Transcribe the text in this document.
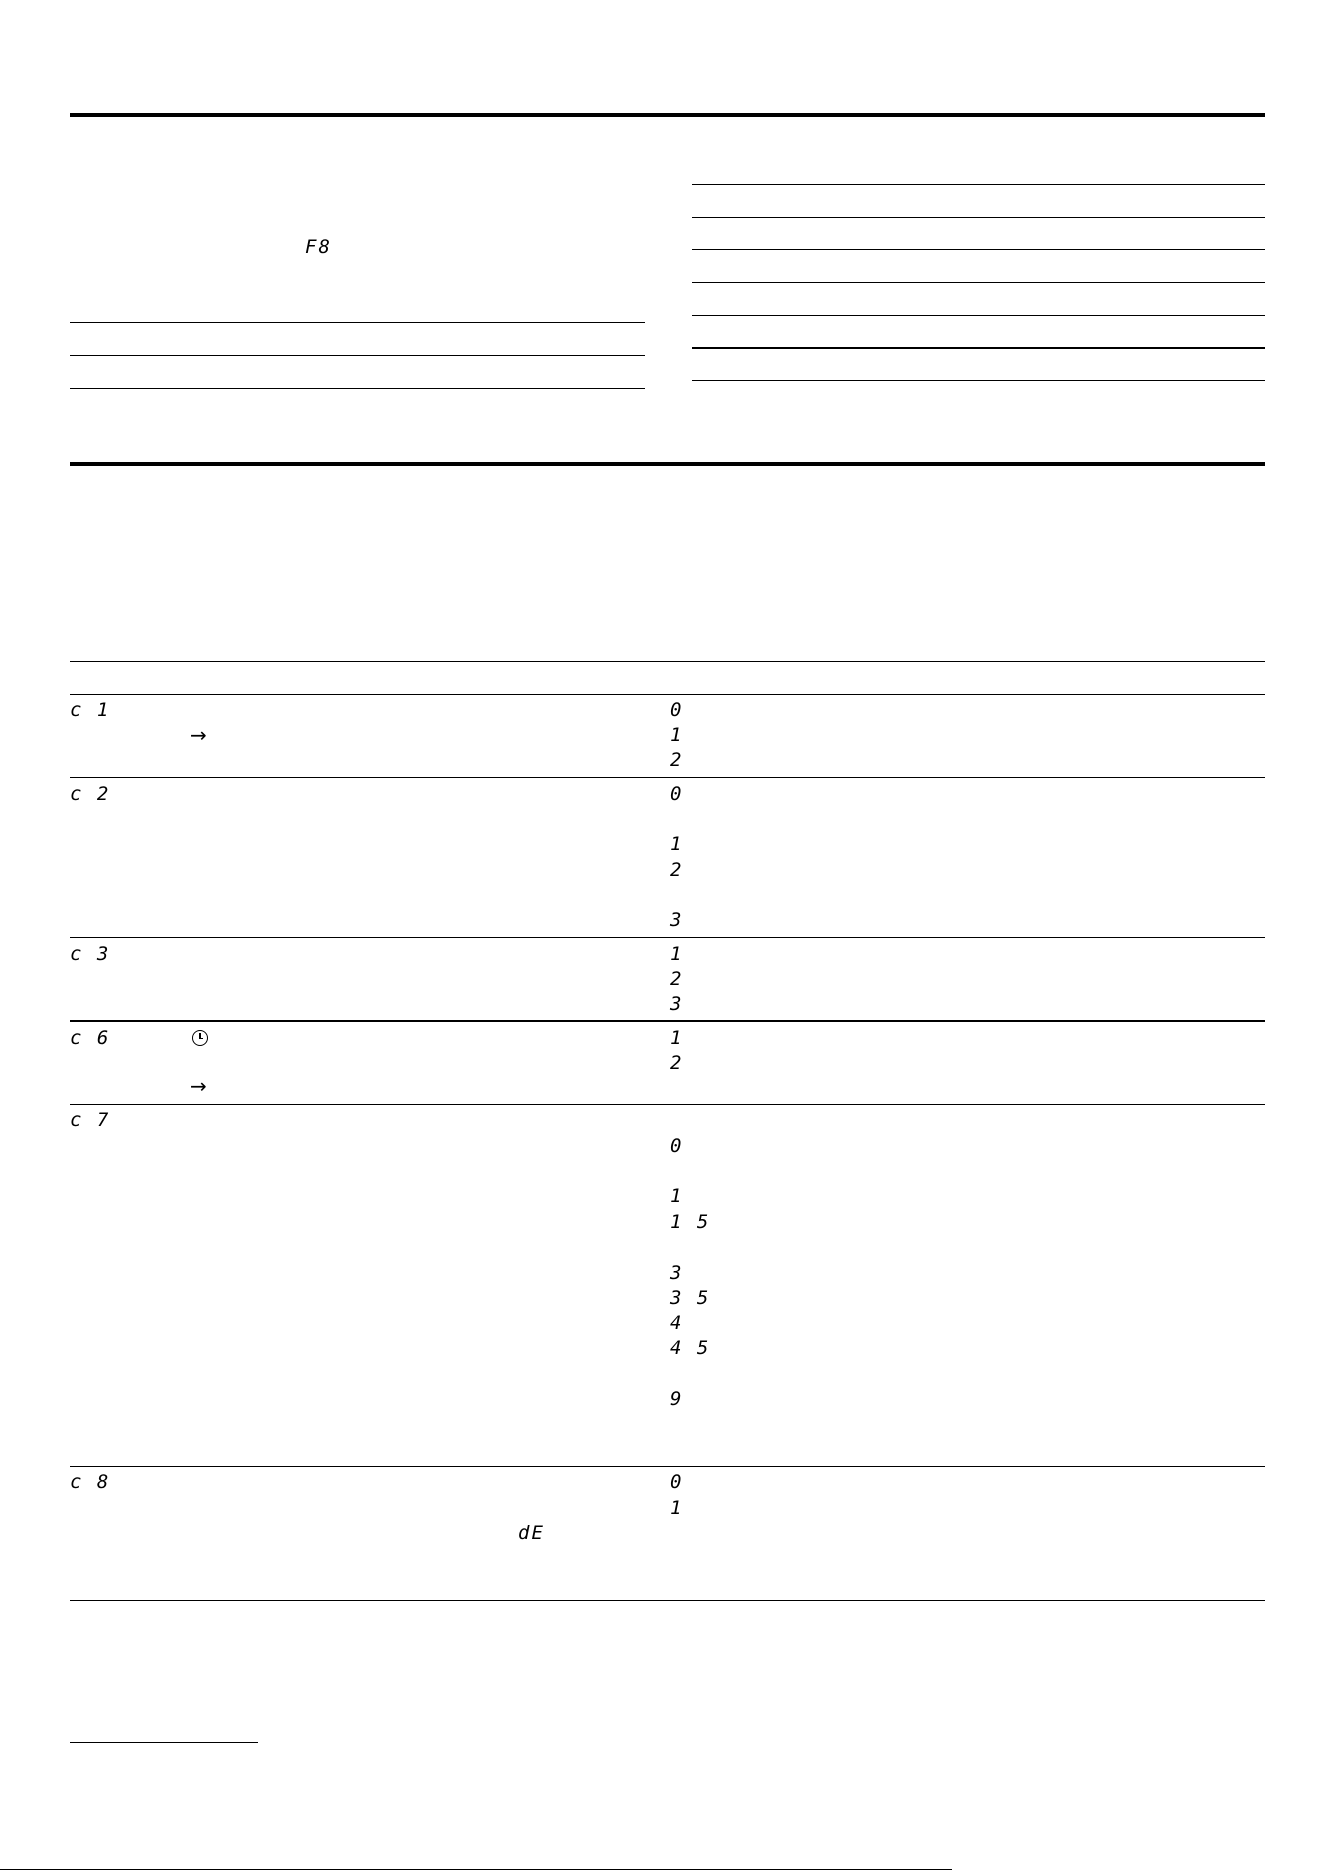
F8
c 1
→
0
1
2
c 2	0
1
2
3
c 3	1
2
3
c 6
→
1
2
c 7
0
1
1 5
3
3 5
4
4 5
9
c 8
dE
0
1
